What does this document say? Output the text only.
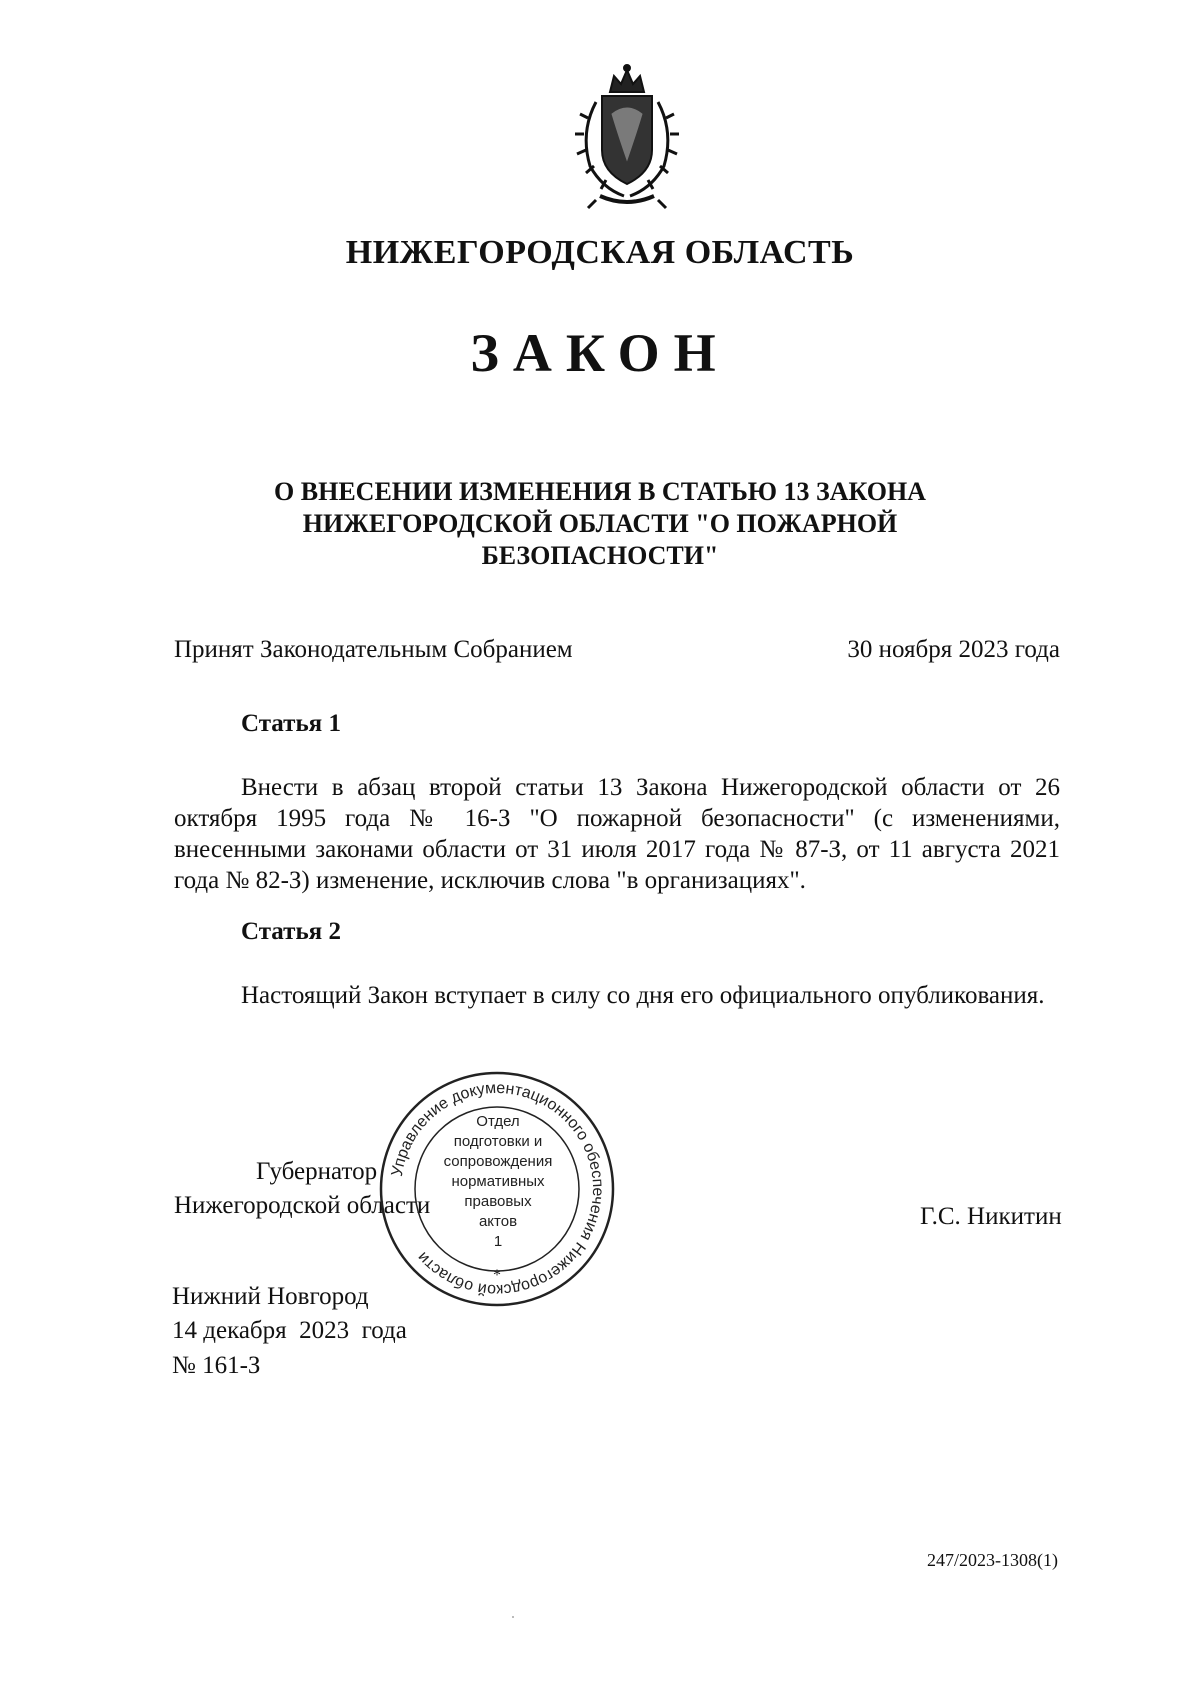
НИЖЕГОРОДСКАЯ ОБЛАСТЬ
ЗАКОН
О ВНЕСЕНИИ ИЗМЕНЕНИЯ В СТАТЬЮ 13 ЗАКОНА
НИЖЕГОРОДСКОЙ ОБЛАСТИ "О ПОЖАРНОЙ
БЕЗОПАСНОСТИ"
Принят Законодательным Собранием	30 ноября 2023 года
Статья 1
Внести в абзац второй статьи 13 Закона Нижегородской области от 26 октября 1995 года № 16-З "О пожарной безопасности" (с изменениями, внесенными законами области от 31 июля 2017 года № 87-З, от 11 августа 2021 года № 82-З) изменение, исключив слова "в организациях".
Статья 2
Настоящий Закон вступает в силу со дня его официального опубликования.
Губернатор
Нижегородской области	Г.С. Никитин
Управление документационного обеспечения Нижегородской области
*
Отдел
подготовки и
сопровождения
нормативных
правовых
актов
1
Нижний Новгород
14 декабря  2023  года
№ 161-З
247/2023-1308(1)
